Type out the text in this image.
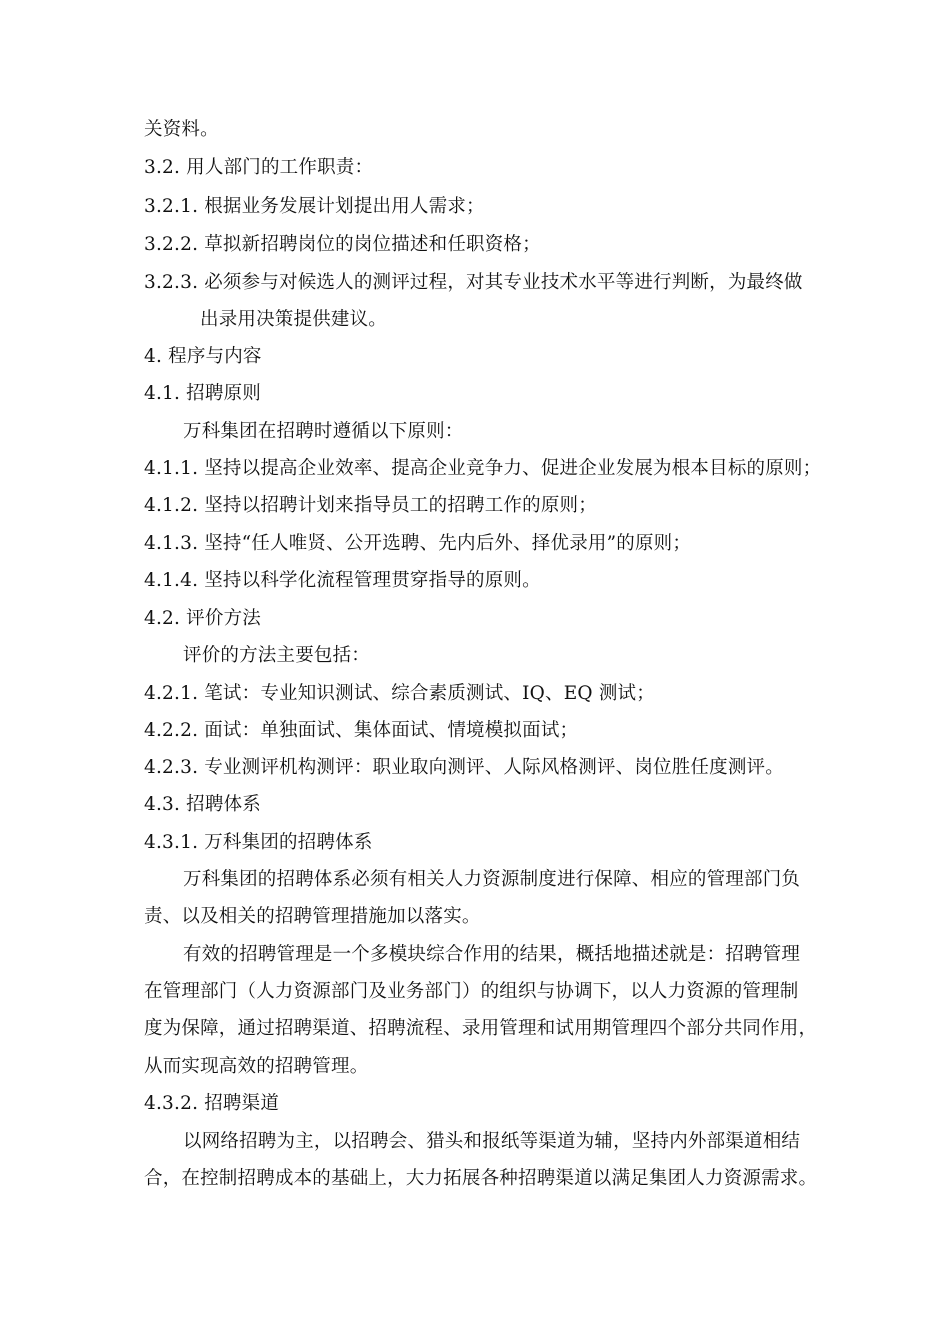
关资料。
3.2. 用人部门的工作职责：
3.2.1. 根据业务发展计划提出用人需求；
3.2.2. 草拟新招聘岗位的岗位描述和任职资格；
3.2.3. 必须参与对候选人的测评过程，对其专业技术水平等进行判断，为最终做
出录用决策提供建议。
4. 程序与内容
4.1. 招聘原则
万科集团在招聘时遵循以下原则：
4.1.1. 坚持以提高企业效率、提高企业竞争力、促进企业发展为根本目标的原则；
4.1.2. 坚持以招聘计划来指导员工的招聘工作的原则；
4.1.3. 坚持“任人唯贤、公开选聘、先内后外、择优录用”的原则；
4.1.4. 坚持以科学化流程管理贯穿指导的原则。
4.2. 评价方法
评价的方法主要包括：
4.2.1. 笔试：专业知识测试、综合素质测试、IQ、EQ 测试；
4.2.2. 面试：单独面试、集体面试、情境模拟面试；
4.2.3. 专业测评机构测评：职业取向测评、人际风格测评、岗位胜任度测评。
4.3. 招聘体系
4.3.1. 万科集团的招聘体系
万科集团的招聘体系必须有相关人力资源制度进行保障、相应的管理部门负
责、以及相关的招聘管理措施加以落实。
有效的招聘管理是一个多模块综合作用的结果，概括地描述就是：招聘管理
在管理部门（人力资源部门及业务部门）的组织与协调下，以人力资源的管理制
度为保障，通过招聘渠道、招聘流程、录用管理和试用期管理四个部分共同作用，
从而实现高效的招聘管理。
4.3.2. 招聘渠道
以网络招聘为主，以招聘会、猎头和报纸等渠道为辅，坚持内外部渠道相结
合，在控制招聘成本的基础上，大力拓展各种招聘渠道以满足集团人力资源需求。
